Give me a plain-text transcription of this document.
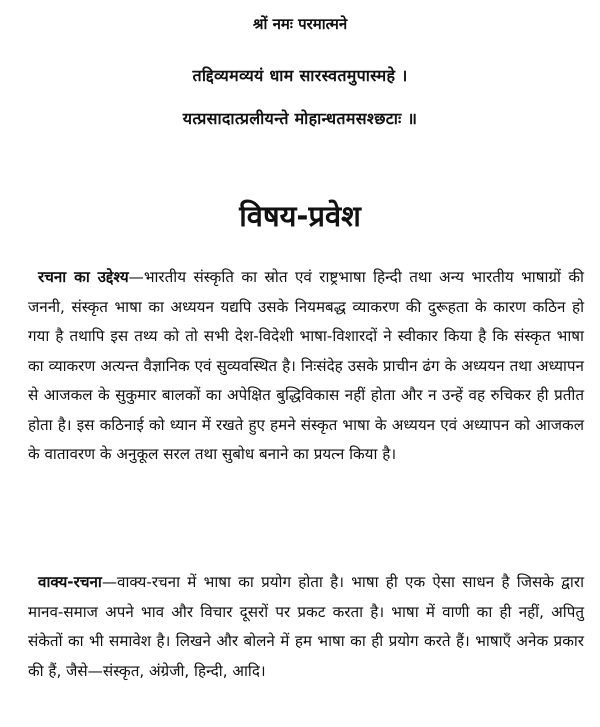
श्रों नमः परमात्मने
तद्दिव्यमव्ययं धाम सारस्वतमुपास्महे ।
यत्प्रसादात्प्रलीयन्ते मोहान्धतमसश्छटाः ॥
विषय-प्रवेश

रचना का उद्देश्य—भारतीय संस्कृति का स्रोत एवं राष्ट्रभाषा हिन्दी तथा अन्य भारतीय भाषाग्रों की जननी, संस्कृत भाषा का अध्ययन यद्यपि उसके नियमबद्ध व्याकरण की दुरूहता के कारण कठिन हो गया है तथापि इस तथ्य को तो सभी देश-विदेशी भाषा-विशारदों ने स्वीकार किया है कि संस्कृत भाषा का व्याकरण अत्यन्त वैज्ञानिक एवं सुव्यवस्थित है। निःसंदेह उसके प्राचीन ढंग के अध्ययन तथा अध्यापन से आजकल के सुकुमार बालकों का अपेक्षित बुद्धिविकास नहीं होता और न उन्हें वह रुचिकर ही प्रतीत होता है। इस कठिनाई को ध्यान में रखते हुए हमने संस्कृत भाषा के अध्ययन एवं अध्यापन को आजकल के वातावरण के अनुकूल सरल तथा सुबोध बनाने का प्रयत्न किया है।

वाक्य-रचना—वाक्य-रचना में भाषा का प्रयोग होता है। भाषा ही एक ऐसा साधन है जिसके द्वारा मानव-समाज अपने भाव और विचार दूसरों पर प्रकट करता है। भाषा में वाणी का ही नहीं, अपितु संकेतों का भी समावेश है। लिखने और बोलने में हम भाषा का ही प्रयोग करते हैं। भाषाएँ अनेक प्रकार की हैं, जैसे—संस्कृत, अंग्रेजी, हिन्दी, आदि।
